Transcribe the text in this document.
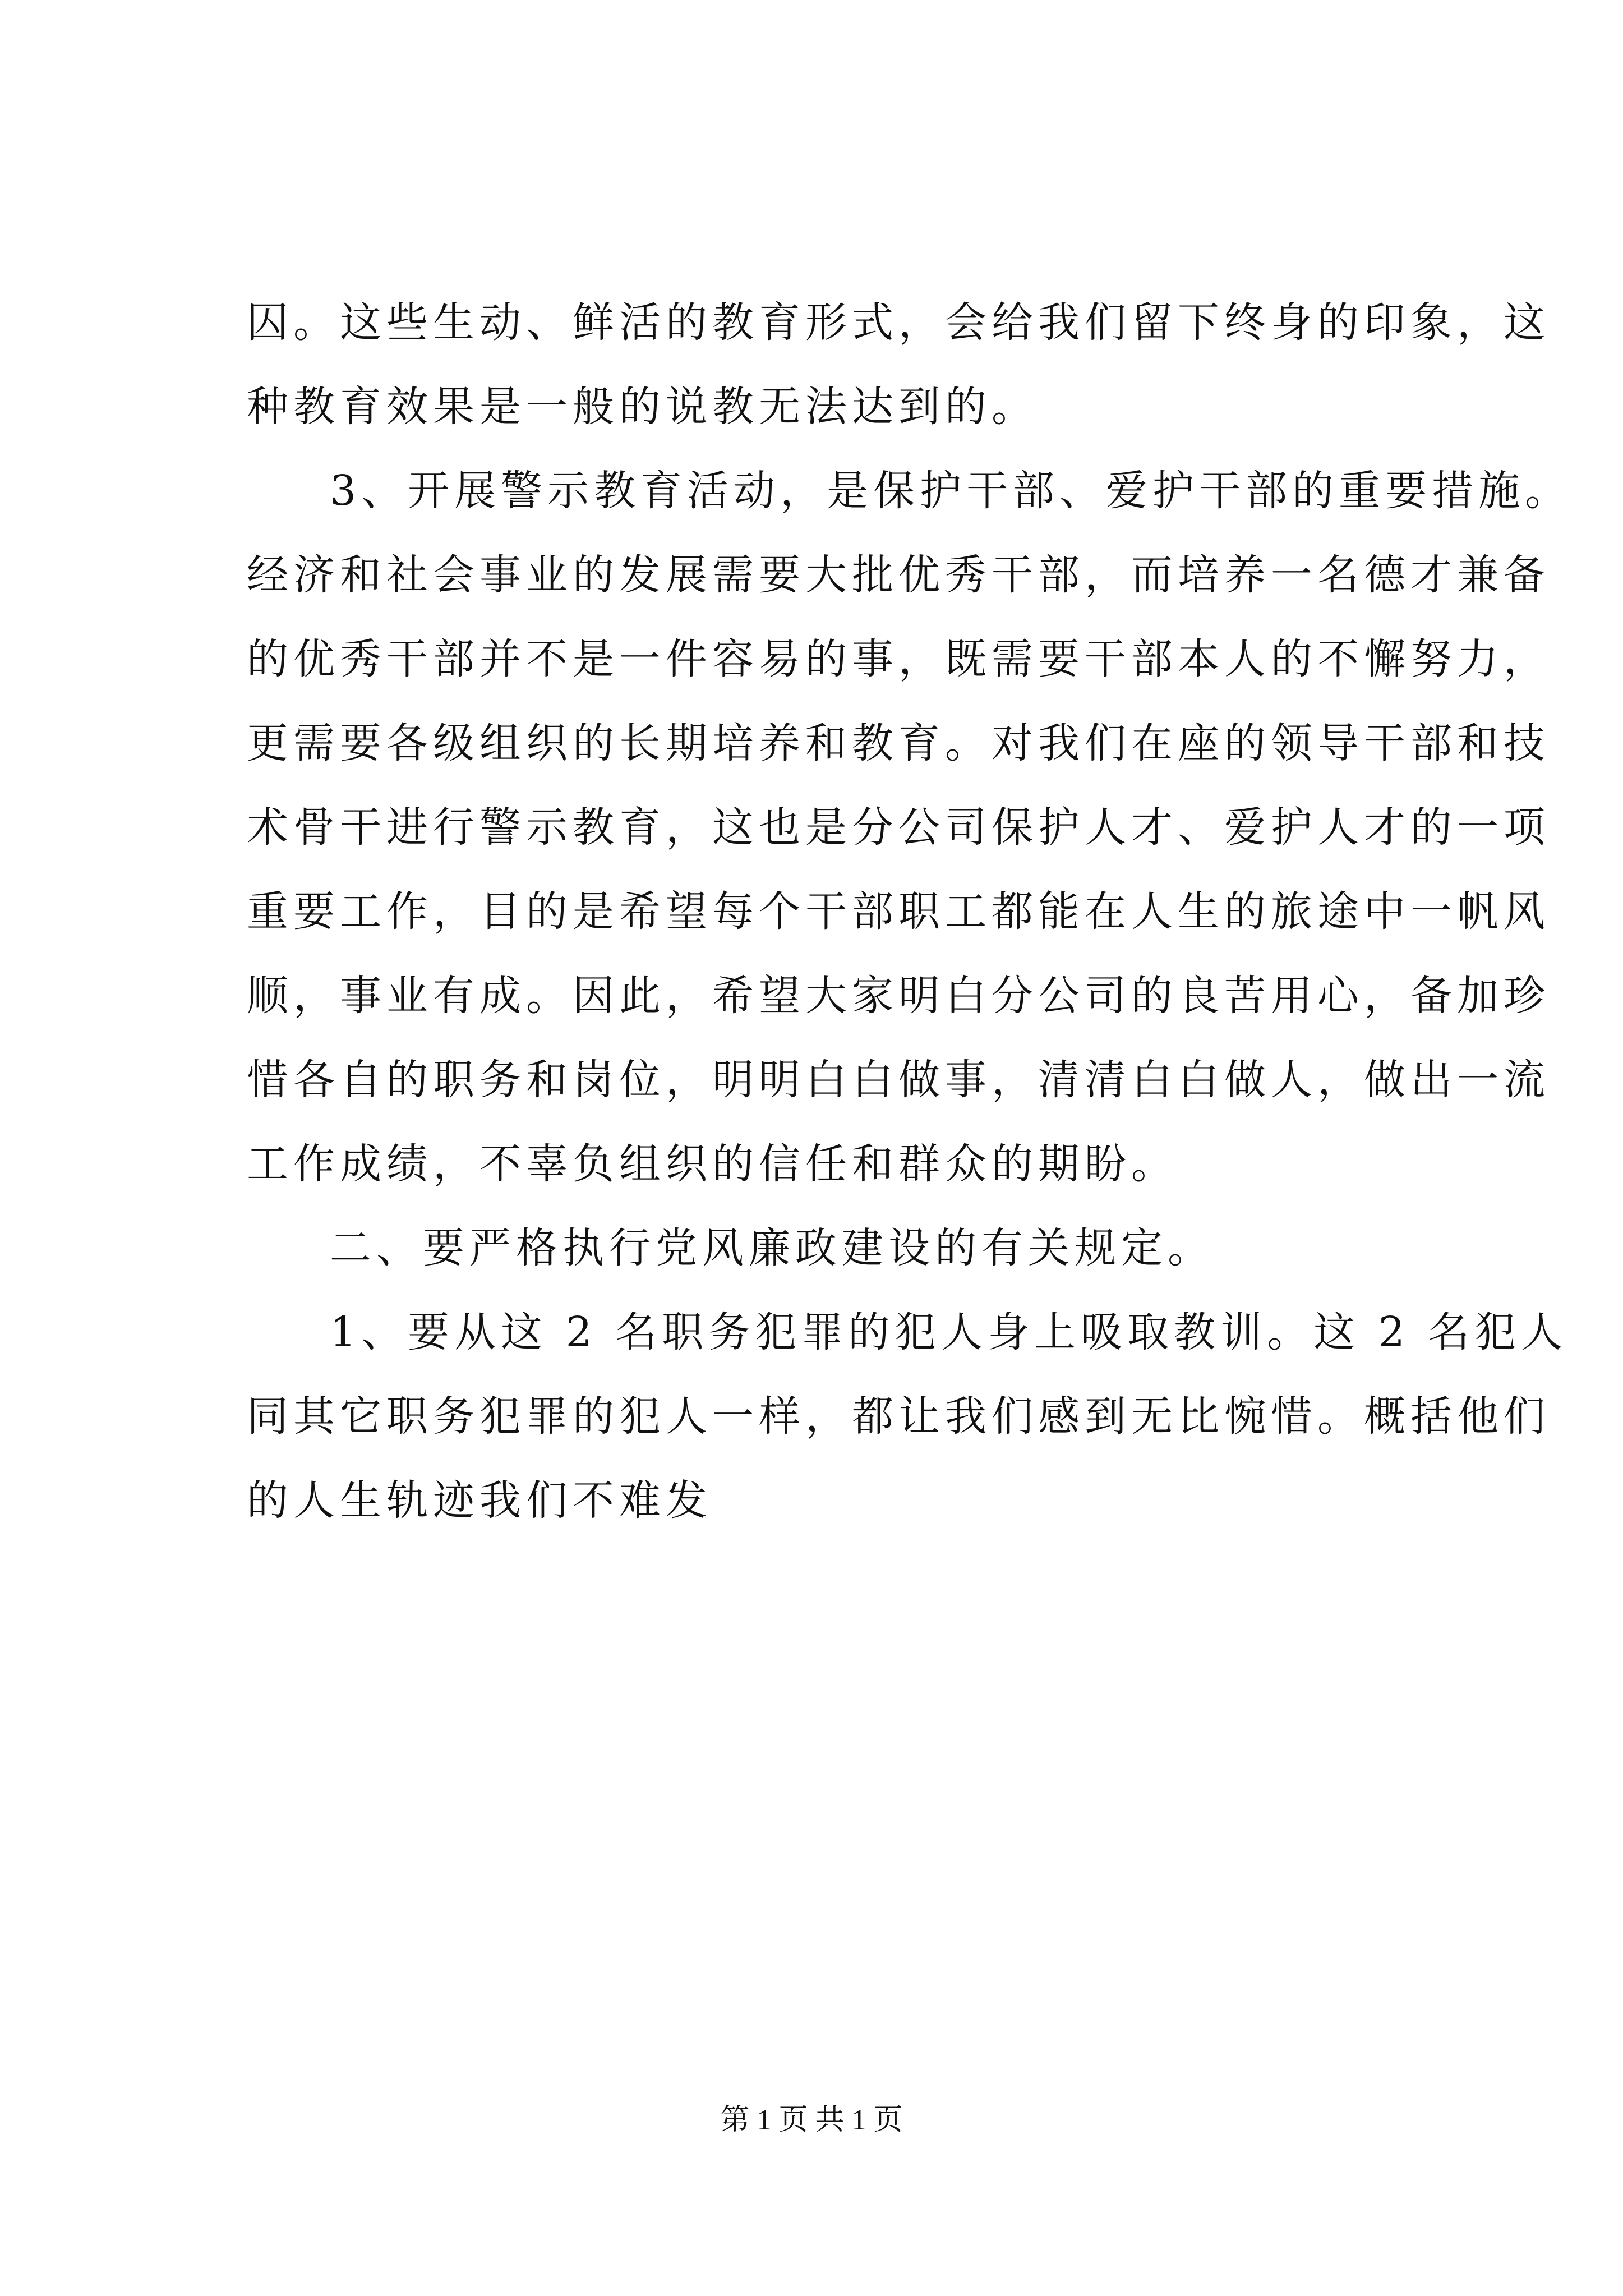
囚。这些生动、鲜活的教育形式，会给我们留下终身的印象，这
种教育效果是一般的说教无法达到的。
3、开展警示教育活动，是保护干部、爱护干部的重要措施。
经济和社会事业的发展需要大批优秀干部，而培养一名德才兼备
的优秀干部并不是一件容易的事，既需要干部本人的不懈努力，
更需要各级组织的长期培养和教育。对我们在座的领导干部和技
术骨干进行警示教育，这也是分公司保护人才、爱护人才的一项
重要工作，目的是希望每个干部职工都能在人生的旅途中一帆风
顺，事业有成。因此，希望大家明白分公司的良苦用心，备加珍
惜各自的职务和岗位，明明白白做事，清清白白做人，做出一流
工作成绩，不辜负组织的信任和群众的期盼。
二、要严格执行党风廉政建设的有关规定。
1、要从这 2 名职务犯罪的犯人身上吸取教训。这 2 名犯人
同其它职务犯罪的犯人一样，都让我们感到无比惋惜。概括他们
的人生轨迹我们不难发
第 1 页 共 1 页
